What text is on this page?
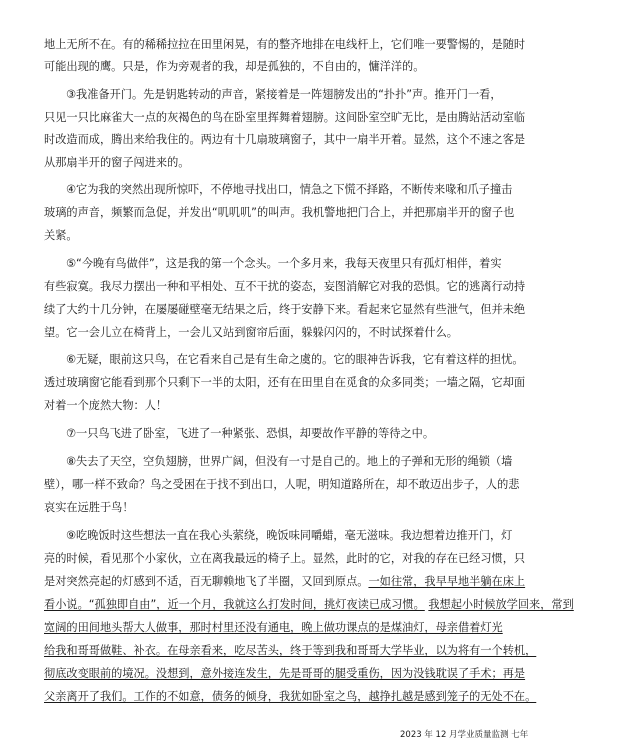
地上无所不在。有的稀稀拉拉在田里闲晃，有的整齐地排在电线杆上，它们唯一要警惕的，是随时
可能出现的鹰。只是，作为旁观者的我，却是孤独的，不自由的，慵洋洋的。
③我准备开门。先是钥匙转动的声音，紧接着是一阵翅膀发出的“扑扑”声。推开门一看，
只见一只比麻雀大一点的灰褐色的鸟在卧室里挥舞着翅膀。这间卧室空旷无比，是由腾站活动室临
时改造而成，腾出来给我住的。两边有十几扇玻璃窗子，其中一扇半开着。显然，这个不速之客是
从那扇半开的窗子闯进来的。
④它为我的突然出现所惊吓，不停地寻找出口，情急之下慌不择路，不断传来喙和爪子撞击
玻璃的声音，频繁而急促，并发出“叽叽叽”的叫声。我机警地把门合上，并把那扇半开的窗子也
关紧。
⑤“今晚有鸟做伴”，这是我的第一个念头。一个多月来，我每天夜里只有孤灯相伴，着实
有些寂寞。我尽力摆出一种和平相处、互不干扰的姿态，妄图消解它对我的恐惧。它的逃离行动持
续了大约十几分钟，在屡屡碰壁毫无结果之后，终于安静下来。看起来它显然有些泄气，但并未绝
望。它一会儿立在椅背上，一会儿又站到窗帘后面，躲躲闪闪的，不时试探着什么。
⑥无疑，眼前这只鸟，在它看来自己是有生命之虞的。它的眼神告诉我，它有着这样的担忧。
透过玻璃窗它能看到那个只剩下一半的太阳，还有在田里自在觅食的众多同类；一墙之隔，它却面
对着一个庞然大物：人！
⑦一只鸟飞进了卧室，飞进了一种紧张、恐惧，却要故作平静的等待之中。
⑧失去了天空，空负翅膀，世界广阔，但没有一寸是自己的。地上的子弹和无形的绳锁（墙
壁），哪一样不致命？鸟之受困在于找不到出口，人呢，明知道路所在，却不敢迈出步子，人的悲
哀实在远胜于鸟！
⑨吃晚饭时这些想法一直在我心头萦绕，晚饭味同嚼蜡，毫无滋味。我边想着边推开门，灯
亮的时候，看见那个小家伙，立在离我最远的椅子上。显然，此时的它，对我的存在已经习惯，只
是对突然亮起的灯感到不适，百无聊赖地飞了半圈，又回到原点。一如往常，我早早地半躺在床上
看小说。“孤独即自由”，近一个月，我就这么打发时间，挑灯夜读已成习惯。 我想起小时候放学回来，常到
宽阔的田间地头帮大人做事，那时村里还没有通电，晚上做功课点的是煤油灯，母亲借着灯光
给我和哥哥做鞋、补衣。在母亲看来，吃尽苦头，终于等到我和哥哥大学毕业，以为将有一个转机，
彻底改变眼前的境况。没想到，意外接连发生，先是哥哥的腿受重伤，因为没钱耽误了手术；再是
父亲离开了我们。工作的不如意，债务的倾身，我犹如卧室之鸟，越挣扎越是感到笼子的无处不在。
2023 年 12 月学业质量监测 七年
